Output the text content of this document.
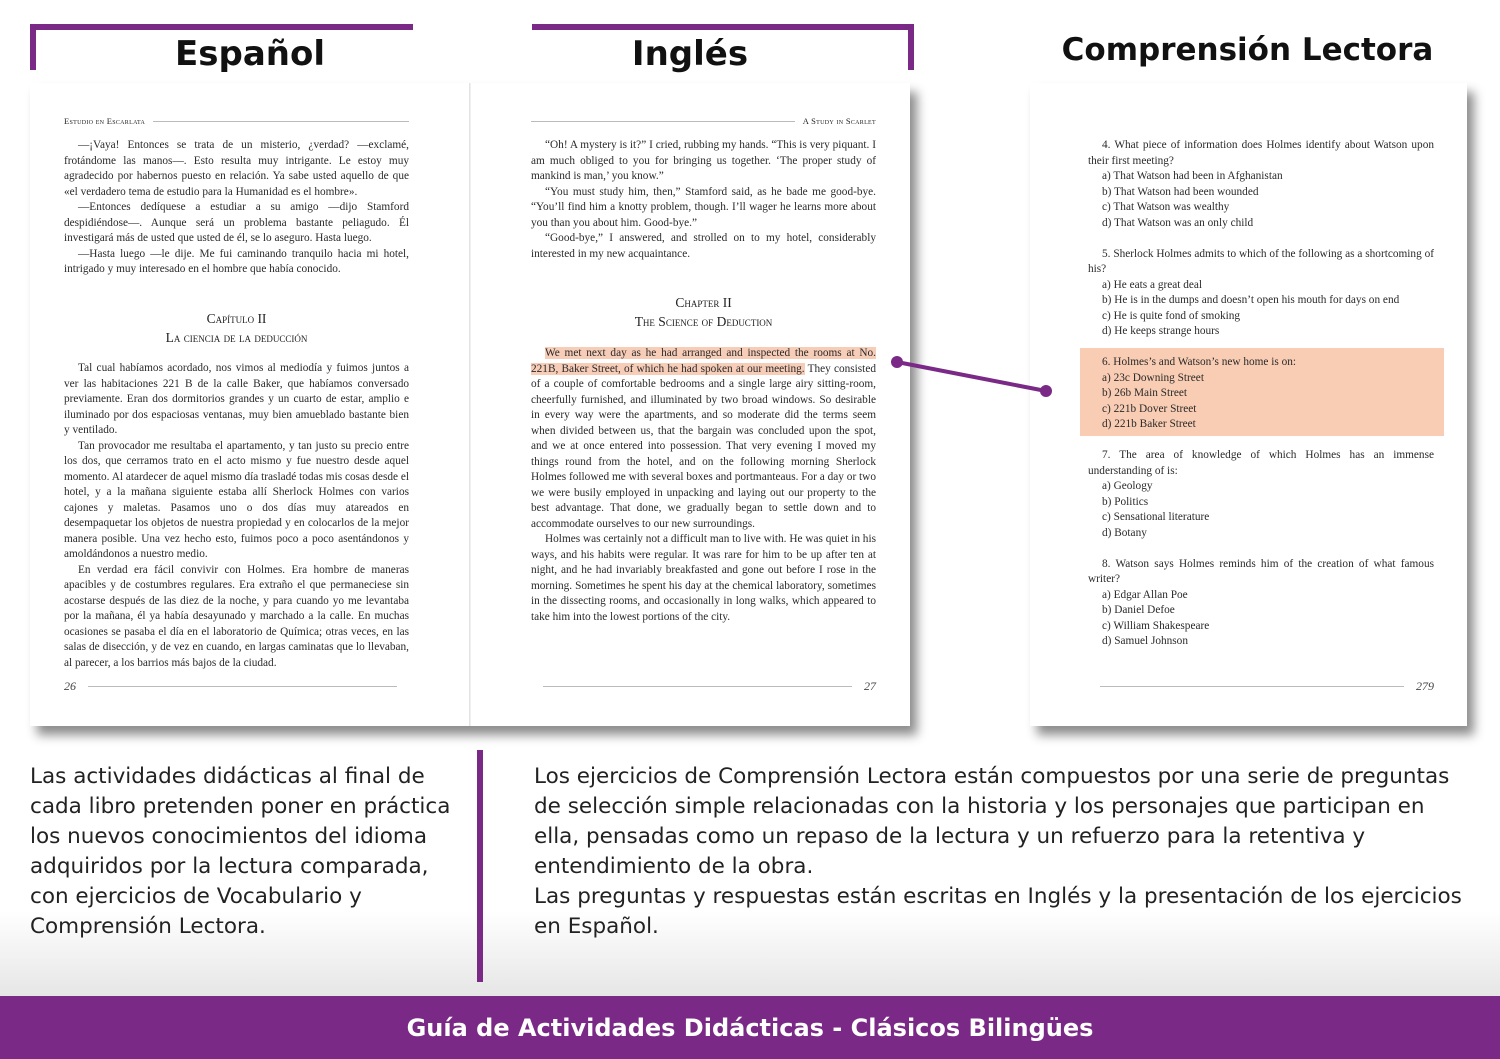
Español	Inglés	Comprensión Lectora
Estudio en Escarlata

—¡Vaya! Entonces se trata de un misterio, ¿verdad? —exclamé, frotándome las manos—. Esto resulta muy intrigante. Le estoy muy agradecido por habernos puesto en relación. Ya sabe usted aquello de que «el verdadero tema de estudio para la Humanidad es el hombre».

—Entonces dedíquese a estudiar a su amigo —dijo Stamford despidiéndose—. Aunque será un problema bastante peliagudo. Él investigará más de usted que usted de él, se lo aseguro. Hasta luego.

—Hasta luego —le dije. Me fui caminando tranquilo hacia mi hotel, intrigado y muy interesado en el hombre que había conocido.

Capítulo II
La ciencia de la deducción

Tal cual habíamos acordado, nos vimos al mediodía y fuimos juntos a ver las habitaciones 221 B de la calle Baker, que habíamos conversado previamente. Eran dos dormitorios grandes y un cuarto de estar, amplio e iluminado por dos espaciosas ventanas, muy bien amueblado bastante bien y ventilado.

Tan provocador me resultaba el apartamento, y tan justo su precio entre los dos, que cerramos trato en el acto mismo y fue nuestro desde aquel momento. Al atardecer de aquel mismo día trasladé todas mis cosas desde el hotel, y a la mañana siguiente estaba allí Sherlock Holmes con varios cajones y maletas. Pasamos uno o dos días muy atareados en desempaquetar los objetos de nuestra propiedad y en colocarlos de la mejor manera posible. Una vez hecho esto, fuimos poco a poco asentándonos y amoldándonos a nuestro medio.

En verdad era fácil convivir con Holmes. Era hombre de maneras apacibles y de costumbres regulares. Era extraño el que permaneciese sin acostarse después de las diez de la noche, y para cuando yo me levantaba por la mañana, él ya había desayunado y marchado a la calle. En muchas ocasiones se pasaba el día en el laboratorio de Química; otras veces, en las salas de disección, y de vez en cuando, en largas caminatas que lo llevaban, al parecer, a los barrios más bajos de la ciudad.

26
A Study in Scarlet

“Oh! A mystery is it?” I cried, rubbing my hands. “This is very piquant. I am much obliged to you for bringing us together. ‘The proper study of mankind is man,’ you know.”

“You must study him, then,” Stamford said, as he bade me good-bye. “You’ll find him a knotty problem, though. I’ll wager he learns more about you than you about him. Good-bye.”

“Good-bye,” I answered, and strolled on to my hotel, considerably interested in my new acquaintance.

Chapter II
The Science of Deduction

We met next day as he had arranged and inspected the rooms at No. 221B, Baker Street, of which he had spoken at our meeting. They consisted of a couple of comfortable bedrooms and a single large airy sitting-room, cheerfully furnished, and illuminated by two broad windows. So desirable in every way were the apartments, and so moderate did the terms seem when divided between us, that the bargain was concluded upon the spot, and we at once entered into possession. That very evening I moved my things round from the hotel, and on the following morning Sherlock Holmes followed me with several boxes and portmanteaus. For a day or two we were busily employed in unpacking and laying out our property to the best advantage. That done, we gradually began to settle down and to accommodate ourselves to our new surroundings.

Holmes was certainly not a difficult man to live with. He was quiet in his ways, and his habits were regular. It was rare for him to be up after ten at night, and he had invariably breakfasted and gone out before I rose in the morning. Sometimes he spent his day at the chemical laboratory, sometimes in the dissecting rooms, and occasionally in long walks, which appeared to take him into the lowest portions of the city.

27
4. What piece of information does Holmes identify about Watson upon their first meeting?
a) That Watson had been in Afghanistan
b) That Watson had been wounded
c) That Watson was wealthy
d) That Watson was an only child
5. Sherlock Holmes admits to which of the following as a shortcoming of his?
a) He eats a great deal
b) He is in the dumps and doesn’t open his mouth for days on end
c) He is quite fond of smoking
d) He keeps strange hours
6. Holmes’s and Watson’s new home is on:
a) 23c Downing Street
b) 26b Main Street
c) 221b Dover Street
d) 221b Baker Street
7. The area of knowledge of which Holmes has an immense understanding of is:
a) Geology
b) Politics
c) Sensational literature
d) Botany
8. Watson says Holmes reminds him of the creation of what famous writer?
a) Edgar Allan Poe
b) Daniel Defoe
c) William Shakespeare
d) Samuel Johnson
279

Las actividades didácticas al final de cada libro pretenden poner en práctica los nuevos conocimientos del idioma adquiridos por la lectura comparada, con ejercicios de Vocabulario y Comprensión Lectora.

Los ejercicios de Comprensión Lectora están compuestos por una serie de preguntas de selección simple relacionadas con la historia y los personajes que participan en ella, pensadas como un repaso de la lectura y un refuerzo para la retentiva y entendimiento de la obra.
Las preguntas y respuestas están escritas en Inglés y la presentación de los ejercicios en Español.
Guía de Actividades Didácticas - Clásicos Bilingües
